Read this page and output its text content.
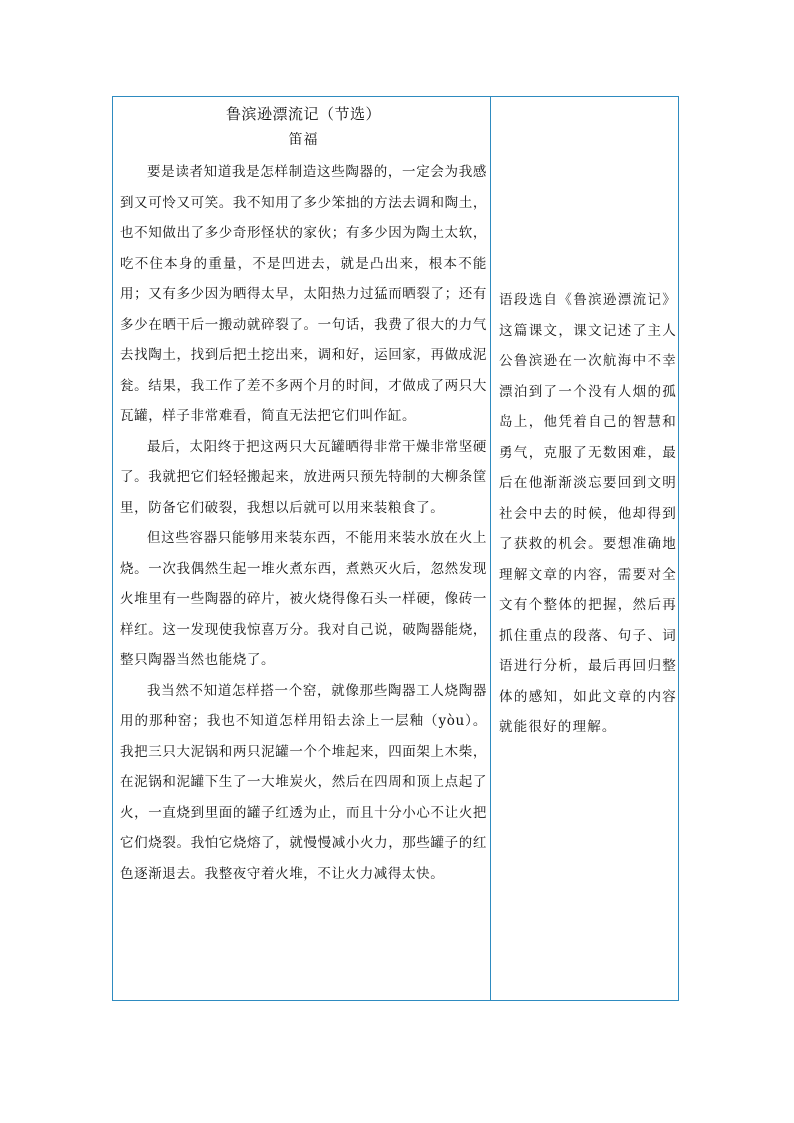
鲁滨逊漂流记（节选）
笛福

要是读者知道我是怎样制造这些陶器的，一定会为我感到又可怜又可笑。我不知用了多少笨拙的方法去调和陶土，也不知做出了多少奇形怪状的家伙；有多少因为陶土太软，吃不住本身的重量，不是凹进去，就是凸出来，根本不能用；又有多少因为晒得太早，太阳热力过猛而晒裂了；还有多少在晒干后一搬动就碎裂了。一句话，我费了很大的力气去找陶土，找到后把土挖出来，调和好，运回家，再做成泥瓮。结果，我工作了差不多两个月的时间，才做成了两只大瓦罐，样子非常难看，简直无法把它们叫作缸。

最后，太阳终于把这两只大瓦罐晒得非常干燥非常坚硬了。我就把它们轻轻搬起来，放进两只预先特制的大柳条筐里，防备它们破裂，我想以后就可以用来装粮食了。

但这些容器只能够用来装东西，不能用来装水放在火上烧。一次我偶然生起一堆火煮东西，煮熟灭火后，忽然发现火堆里有一些陶器的碎片，被火烧得像石头一样硬，像砖一样红。这一发现使我惊喜万分。我对自己说，破陶器能烧，整只陶器当然也能烧了。

我当然不知道怎样搭一个窑，就像那些陶器工人烧陶器用的那种窑；我也不知道怎样用铅去涂上一层釉（yòu）。我把三只大泥锅和两只泥罐一个个堆起来，四面架上木柴，在泥锅和泥罐下生了一大堆炭火，然后在四周和顶上点起了火，一直烧到里面的罐子红透为止，而且十分小心不让火把它们烧裂。我怕它烧熔了，就慢慢减小火力，那些罐子的红色逐渐退去。我整夜守着火堆，不让火力减得太快。

语段选自《鲁滨逊漂流记》这篇课文，课文记述了主人公鲁滨逊在一次航海中不幸漂泊到了一个没有人烟的孤岛上，他凭着自己的智慧和勇气，克服了无数困难，最后在他渐渐淡忘要回到文明社会中去的时候，他却得到了获救的机会。要想准确地理解文章的内容，需要对全文有个整体的把握，然后再抓住重点的段落、句子、词语进行分析，最后再回归整体的感知，如此文章的内容就能很好的理解。
